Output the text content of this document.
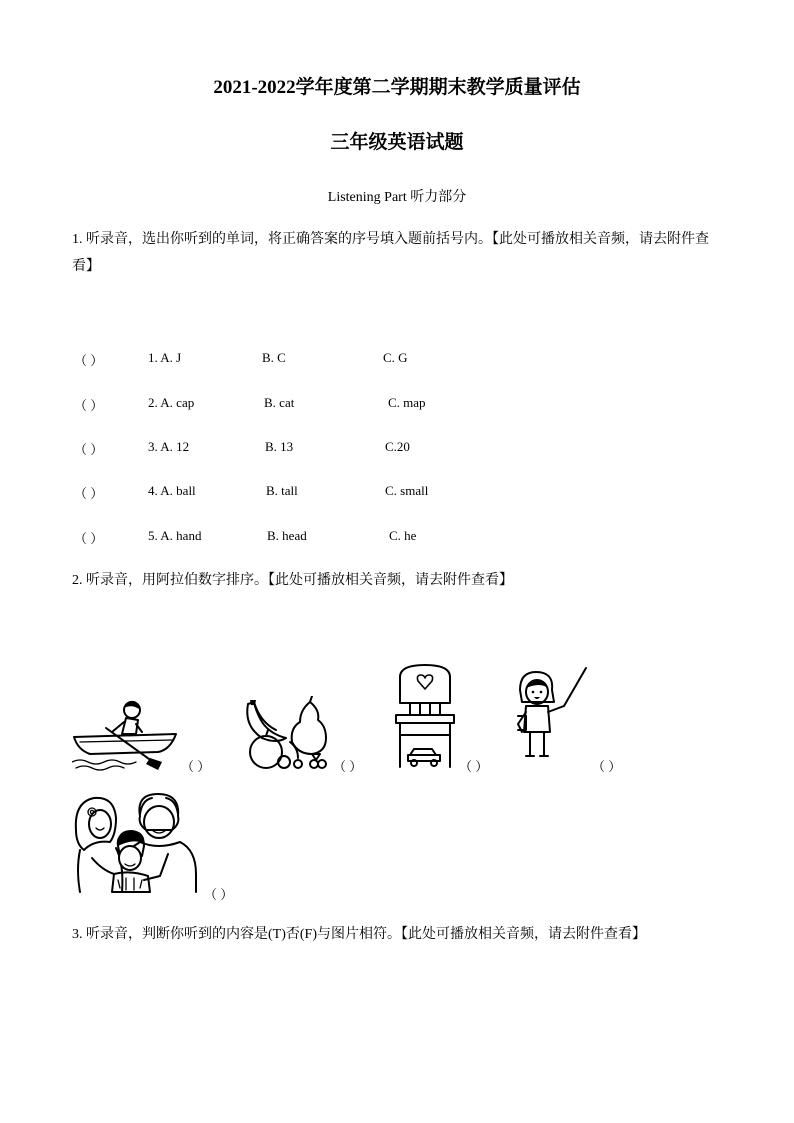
2021-2022学年度第二学期期末教学质量评估
三年级英语试题
Listening Part 听力部分
1. 听录音，选出你听到的单词，将正确答案的序号填入题前括号内。【此处可播放相关音频，请去附件查看】
（ ）	1. A. J	B. C	C. G
（ ）	2. A. cap	B. cat	C. map
（ ）	3. A. 12	B. 13	C.20
（ ）	4. A. ball	B. tall	C. small
（ ）	5. A. hand	B. head	C. he
2. 听录音，用阿拉伯数字排序。【此处可播放相关音频，请去附件查看】
（ ）	（ ）	（ ）	（ ）
（ ）
3. 听录音，判断你听到的内容是(T)否(F)与图片相符。【此处可播放相关音频，请去附件查看】
